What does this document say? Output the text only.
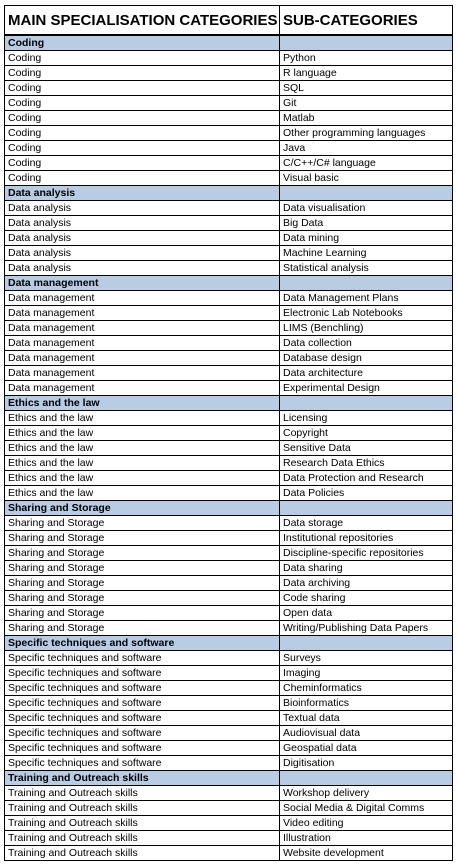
MAIN SPECIALISATION CATEGORIES	SUB-CATEGORIES
Coding	
Coding	Python
Coding	R language
Coding	SQL
Coding	Git
Coding	Matlab
Coding	Other programming languages
Coding	Java
Coding	C/C++/C# language
Coding	Visual basic
Data analysis	
Data analysis	Data visualisation
Data analysis	Big Data
Data analysis	Data mining
Data analysis	Machine Learning
Data analysis	Statistical analysis
Data management	
Data management	Data Management Plans
Data management	Electronic Lab Notebooks
Data management	LIMS (Benchling)
Data management	Data collection
Data management	Database design
Data management	Data architecture
Data management	Experimental Design
Ethics and the law	
Ethics and the law	Licensing
Ethics and the law	Copyright
Ethics and the law	Sensitive Data
Ethics and the law	Research Data Ethics
Ethics and the law	Data Protection and Research
Ethics and the law	Data Policies
Sharing and Storage	
Sharing and Storage	Data storage
Sharing and Storage	Institutional repositories
Sharing and Storage	Discipline-specific repositories
Sharing and Storage	Data sharing
Sharing and Storage	Data archiving
Sharing and Storage	Code sharing
Sharing and Storage	Open data
Sharing and Storage	Writing/Publishing Data Papers
Specific techniques and software	
Specific techniques and software	Surveys
Specific techniques and software	Imaging
Specific techniques and software	Cheminformatics
Specific techniques and software	Bioinformatics
Specific techniques and software	Textual data
Specific techniques and software	Audiovisual data
Specific techniques and software	Geospatial data
Specific techniques and software	Digitisation
Training and Outreach skills	
Training and Outreach skills	Workshop delivery
Training and Outreach skills	Social Media & Digital Comms
Training and Outreach skills	Video editing
Training and Outreach skills	Illustration
Training and Outreach skills	Website development
